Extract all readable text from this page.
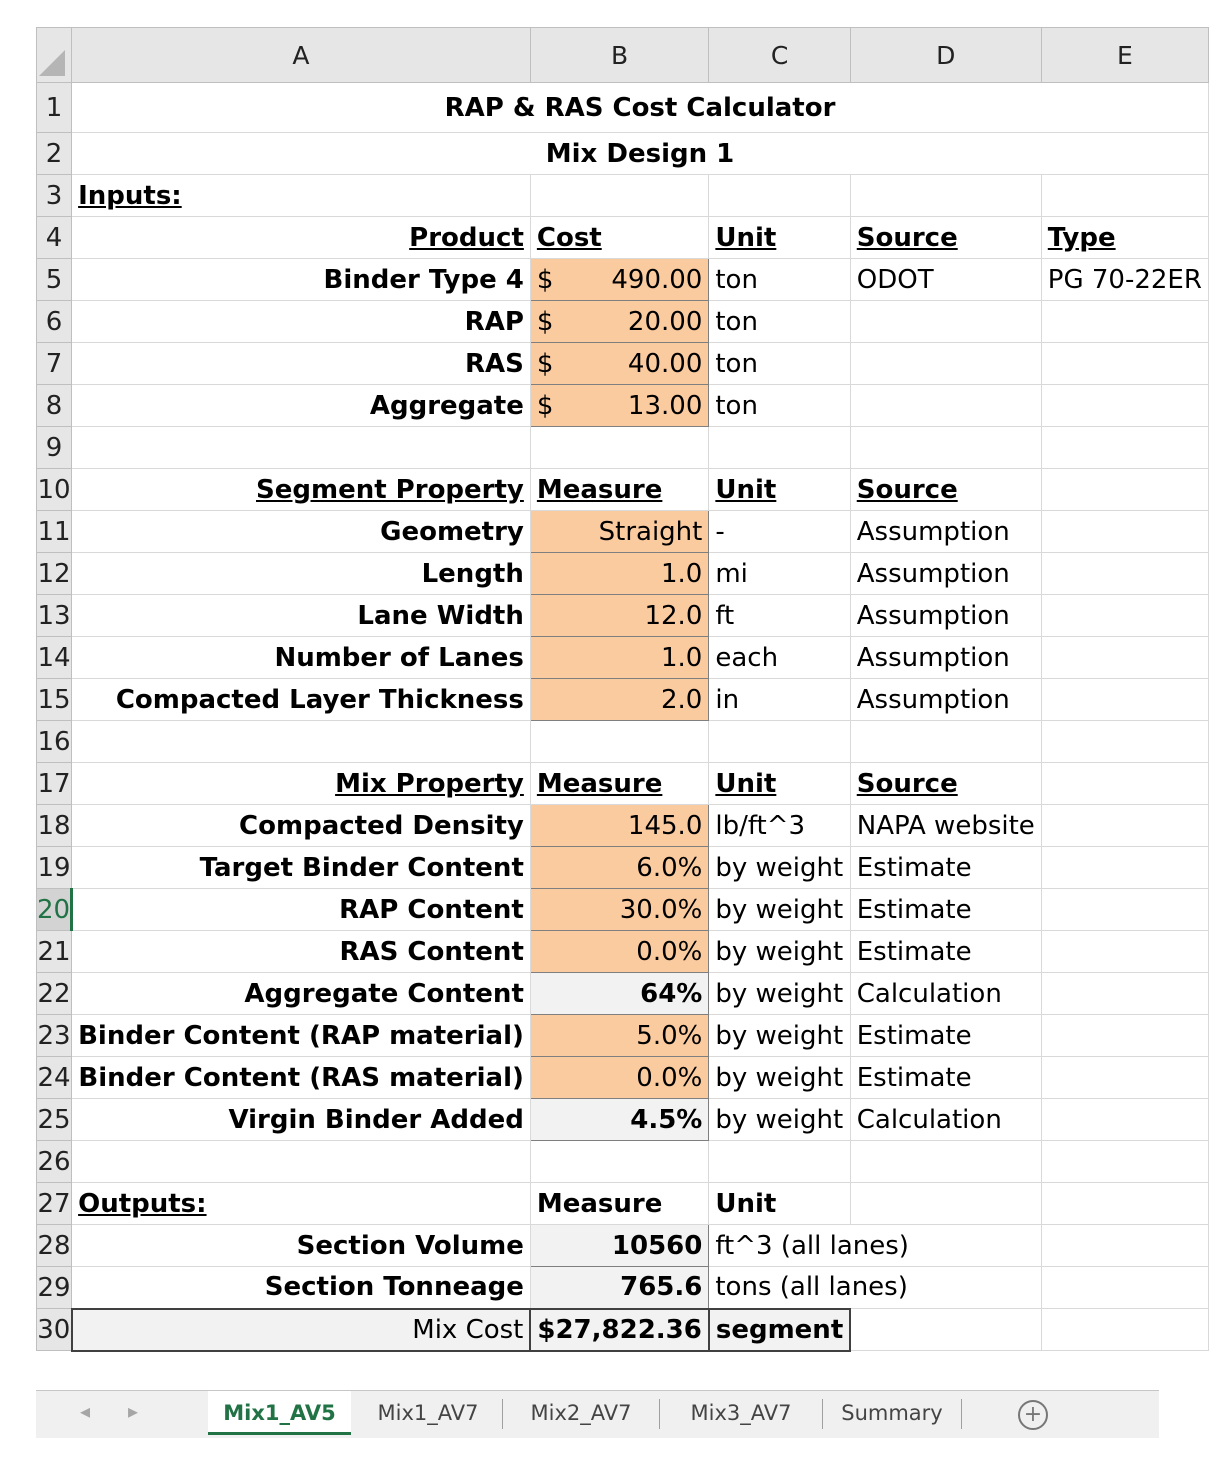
	A	B	C	D	E
1	RAP & RAS Cost Calculator				
2	Mix Design 1				
3	Inputs:				
4	Product	Cost	Unit	Source	Type
5	Binder Type 4	$ 490.00	ton	ODOT	PG 70-22ER
6	RAP	$ 20.00	ton		
7	RAS	$ 40.00	ton		
8	Aggregate	$ 13.00	ton		
9					
10	Segment Property	Measure	Unit	Source	
11	Geometry	Straight	-	Assumption	
12	Length	1.0	mi	Assumption	
13	Lane Width	12.0	ft	Assumption	
14	Number of Lanes	1.0	each	Assumption	
15	Compacted Layer Thickness	2.0	in	Assumption	
16					
17	Mix Property	Measure	Unit	Source	
18	Compacted Density	145.0	lb/ft^3	NAPA website	
19	Target Binder Content	6.0%	by weight	Estimate	
20	RAP Content	30.0%	by weight	Estimate	
21	RAS Content	0.0%	by weight	Estimate	
22	Aggregate Content	64%	by weight	Calculation	
23	Binder Content (RAP material)	5.0%	by weight	Estimate	
24	Binder Content (RAS material)	0.0%	by weight	Estimate	
25	Virgin Binder Added	4.5%	by weight	Calculation	
26					
27	Outputs:	Measure	Unit		
28	Section Volume	10560	ft^3 (all lanes)		
29	Section Tonneage	765.6	tons (all lanes)		
30	Mix Cost	$ 27,822.36	segment		
◂ ▸	Mix1_AV5	Mix1_AV7	Mix2_AV7	Mix3_AV7	Summary	+
